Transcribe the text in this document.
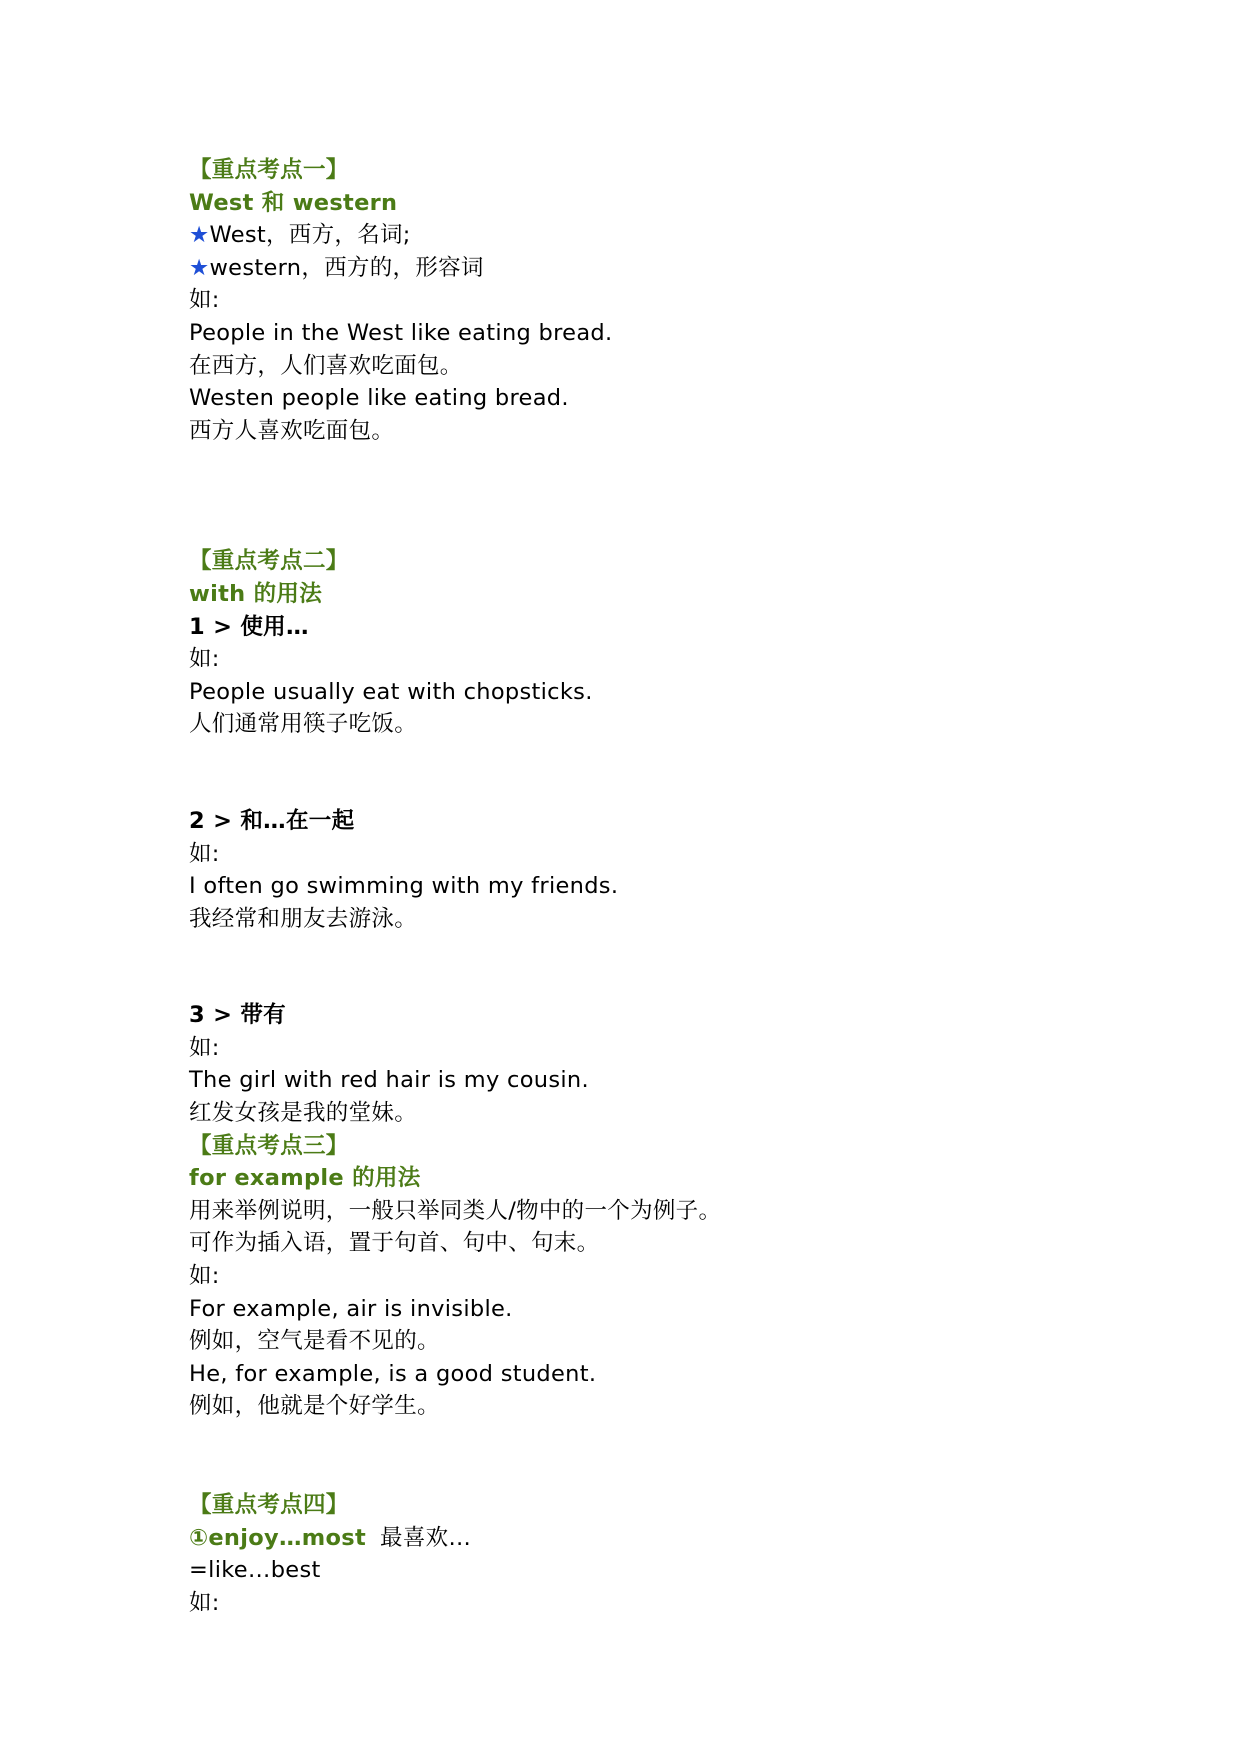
【重点考点一】
West 和 western
★West，西方，名词;
★western，西方的，形容词
如:
People in the West like eating bread.
在西方，人们喜欢吃面包。
Westen people like eating bread.
西方人喜欢吃面包。
【重点考点二】
with 的用法
1 > 使用…
如:
People usually eat with chopsticks.
人们通常用筷子吃饭。
2 > 和…在一起
如:
I often go swimming with my friends.
我经常和朋友去游泳。
3 > 带有
如:
The girl with red hair is my cousin.
红发女孩是我的堂妹。
【重点考点三】
for example 的用法
用来举例说明，一般只举同类人/物中的一个为例子。
可作为插入语，置于句首、句中、句末。
如:
For example, air is invisible.
例如，空气是看不见的。
He, for example, is a good student.
例如，他就是个好学生。
【重点考点四】
①enjoy…most 最喜欢…
=like…best
如:
